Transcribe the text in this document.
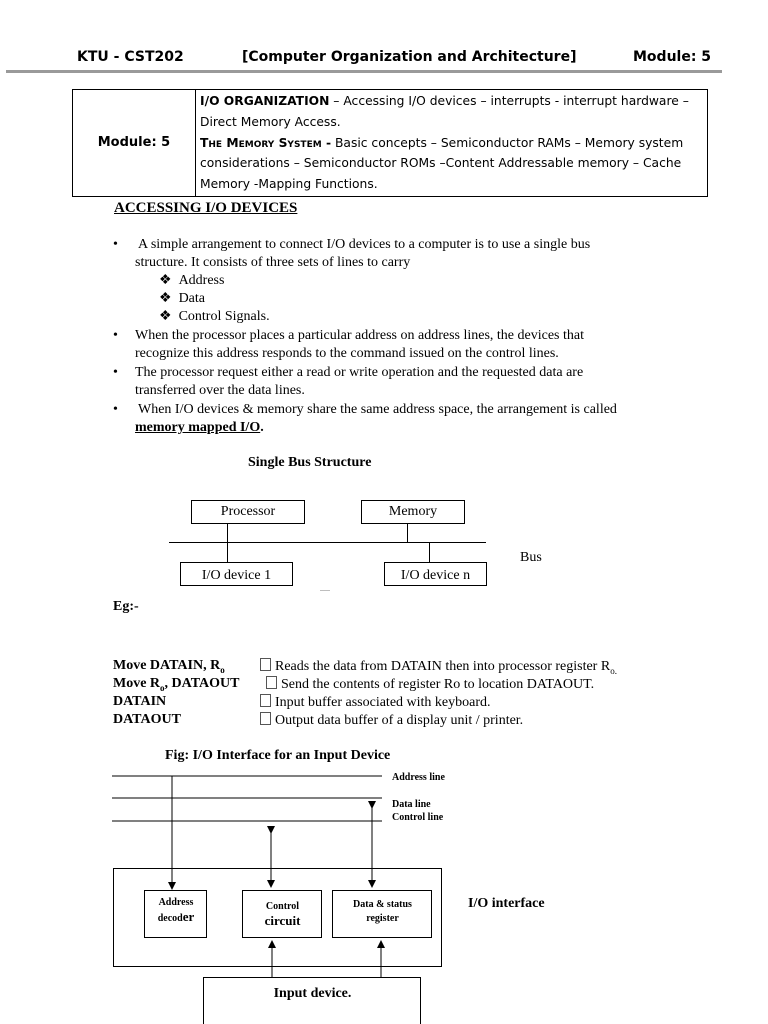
KTU - CST202	[Computer Organization and Architecture]	Module: 5
Module: 5	I/O ORGANIZATION – Accessing I/O devices – interrupts - interrupt hardware – Direct Memory Access.
The Memory System - Basic concepts – Semiconductor RAMs – Memory system considerations – Semiconductor ROMs –Content Addressable memory – Cache Memory -Mapping Functions.
ACCESSING I/O DEVICES
• A simple arrangement to connect I/O devices to a computer is to use a single bus
structure. It consists of three sets of lines to carry
❖  Address
❖  Data
❖  Control Signals.
• When the processor places a particular address on address lines, the devices that
recognize this address responds to the command issued on the control lines.
• The processor request either a read or write operation and the requested data are
transferred over the data lines.
• When I/O devices & memory share the same address space, the arrangement is called
memory mapped I/O.
Single Bus Structure
Processor	Memory
I/O device 1	I/O device n
.....
Bus
Eg:-
Move DATAIN, $R_o$	Reads the data from DATAIN then into processor register $R_{o.}$
Move $R_o$, DATAOUT	Send the contents of register Ro to location DATAOUT.
DATAIN	Input buffer associated with keyboard.
DATAOUT	Output data buffer of a display unit / printer.
Fig: I/O Interface for an Input Device
Address line
Data line
Control line
Address
decoder
Control
circuit
Data & status
register
I/O interface
Input device.
